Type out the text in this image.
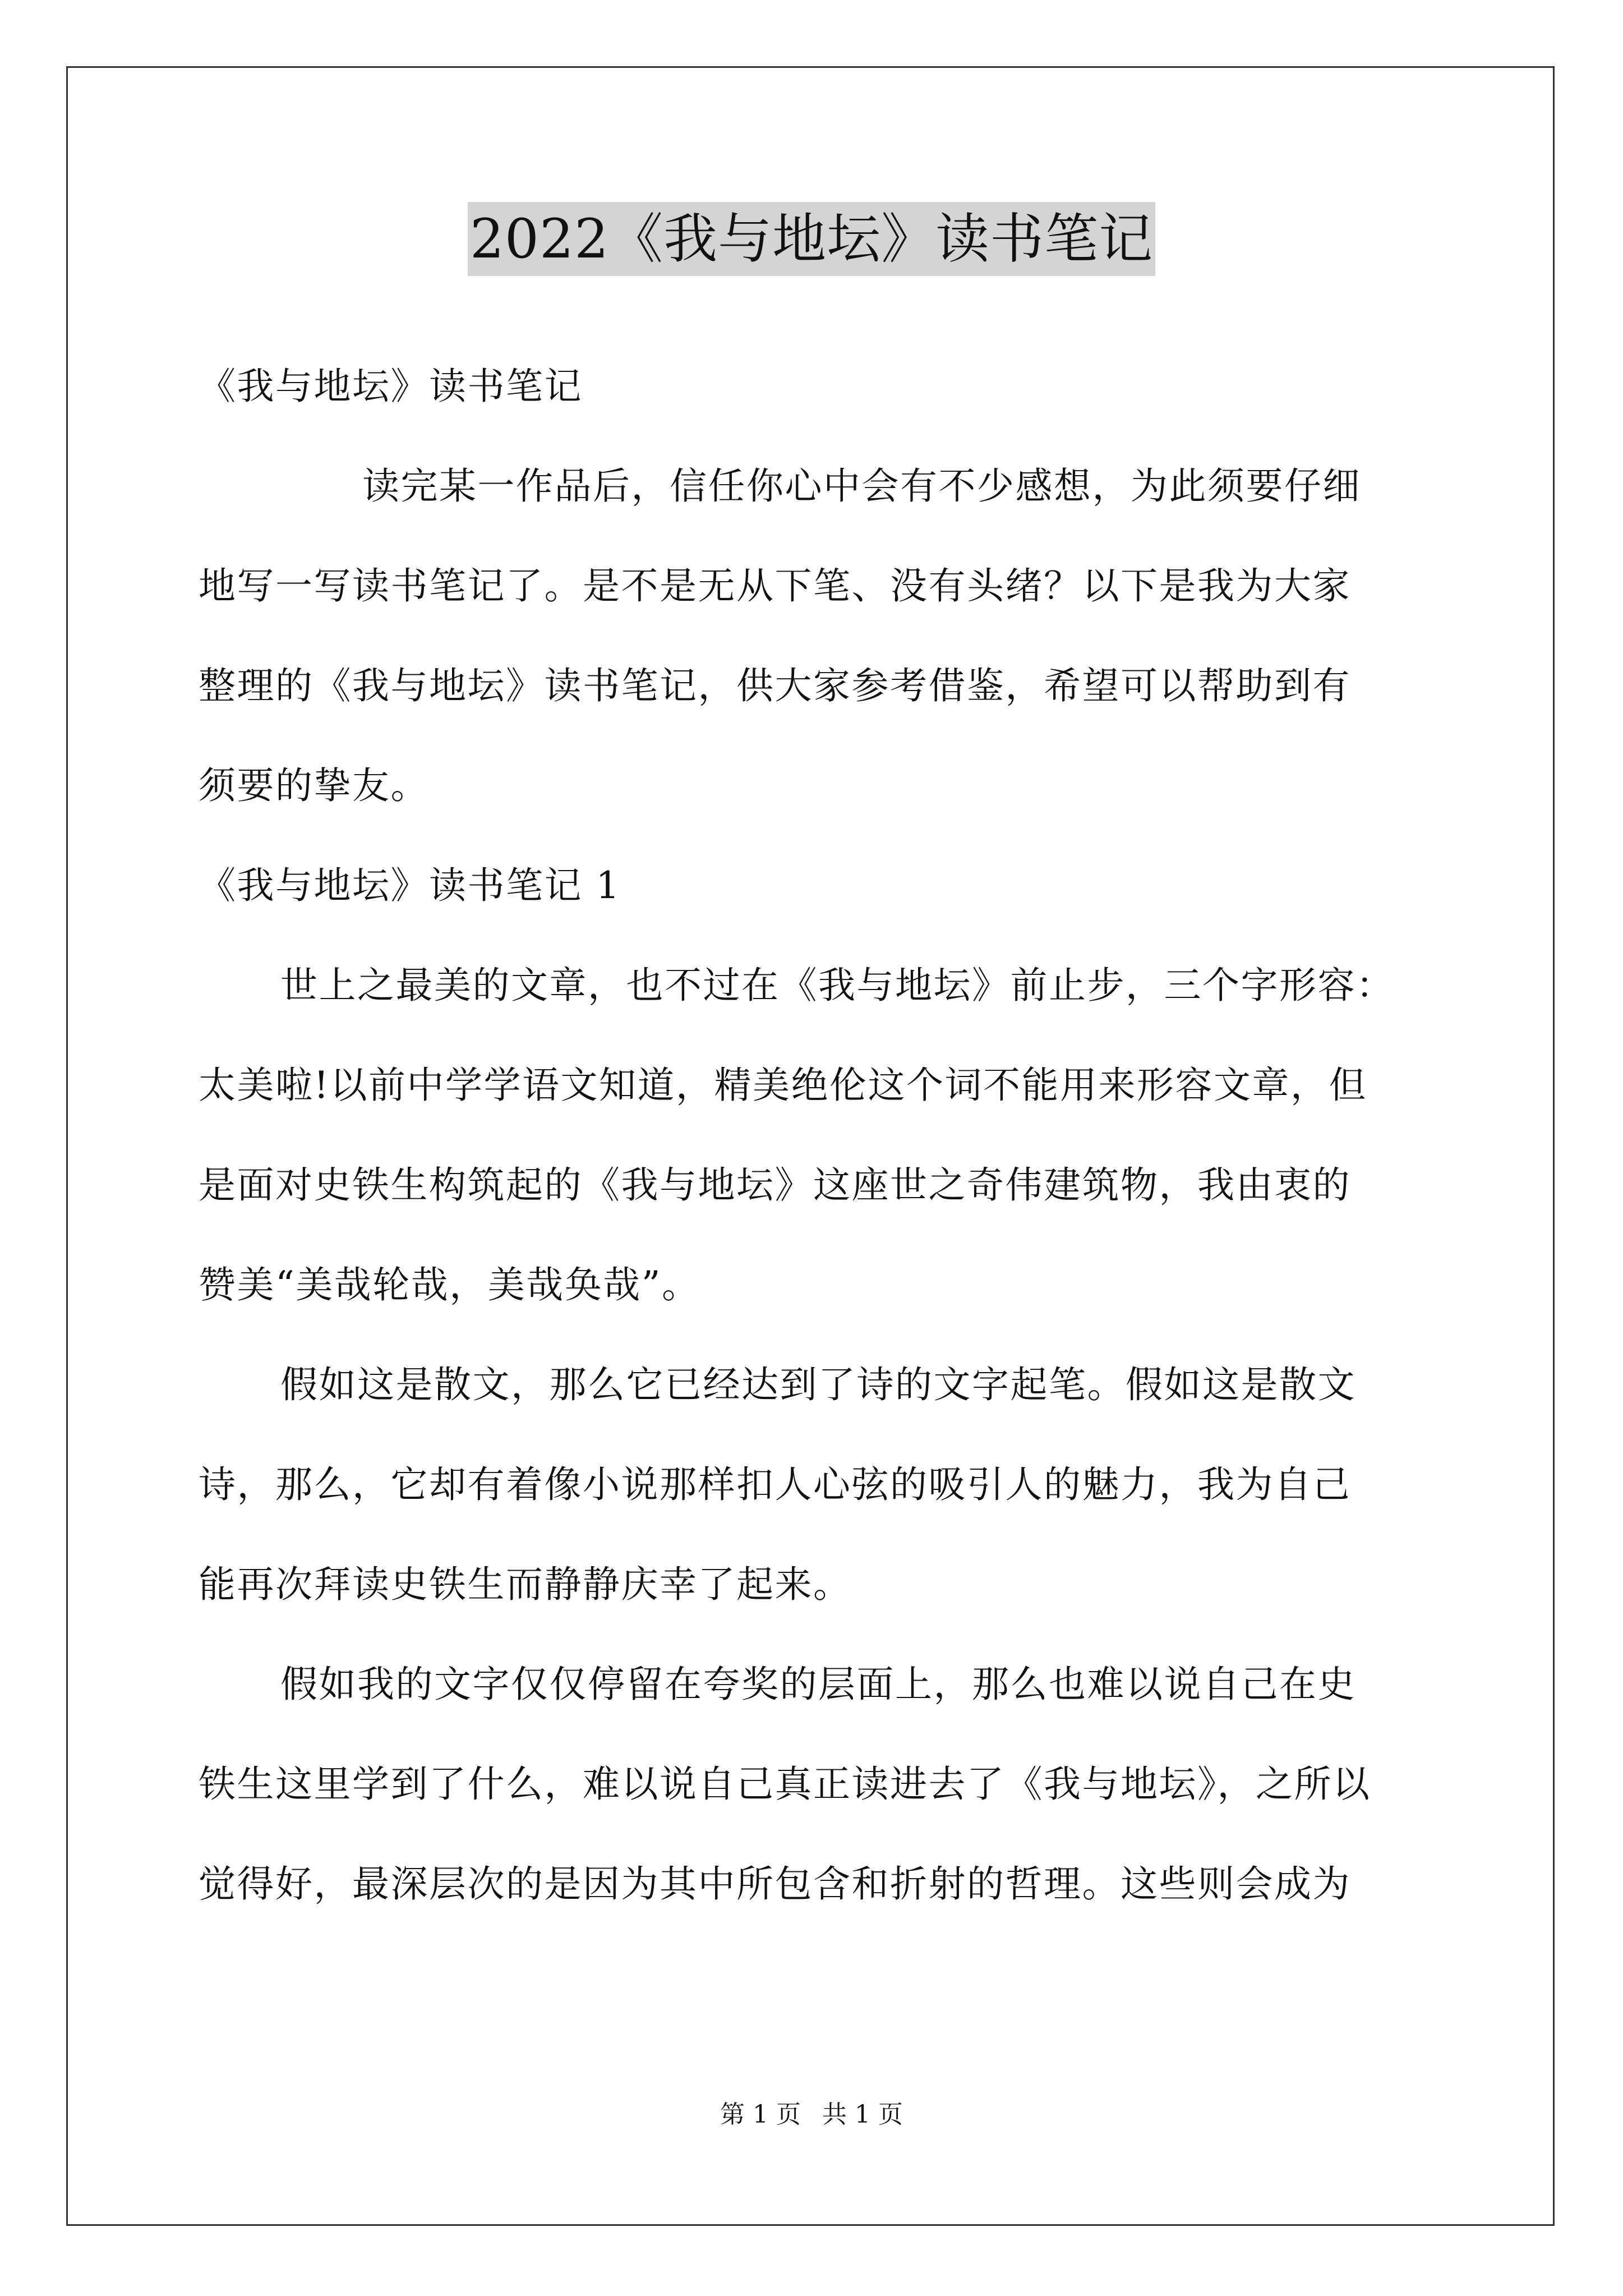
2022《我与地坛》读书笔记
《我与地坛》读书笔记
读完某一作品后，信任你心中会有不少感想，为此须要仔细
地写一写读书笔记了。是不是无从下笔、没有头绪？以下是我为大家
整理的《我与地坛》读书笔记，供大家参考借鉴，希望可以帮助到有
须要的挚友。
《我与地坛》读书笔记 1
世上之最美的文章，也不过在《我与地坛》前止步，三个字形容：
太美啦!以前中学学语文知道，精美绝伦这个词不能用来形容文章，但
是面对史铁生构筑起的《我与地坛》这座世之奇伟建筑物，我由衷的
赞美“美哉轮哉，美哉奂哉”。
假如这是散文，那么它已经达到了诗的文字起笔。假如这是散文
诗，那么，它却有着像小说那样扣人心弦的吸引人的魅力，我为自己
能再次拜读史铁生而静静庆幸了起来。
假如我的文字仅仅停留在夸奖的层面上，那么也难以说自己在史
铁生这里学到了什么，难以说自己真正读进去了《我与地坛》，之所以
觉得好，最深层次的是因为其中所包含和折射的哲理。这些则会成为
第 1 页 共 1 页
